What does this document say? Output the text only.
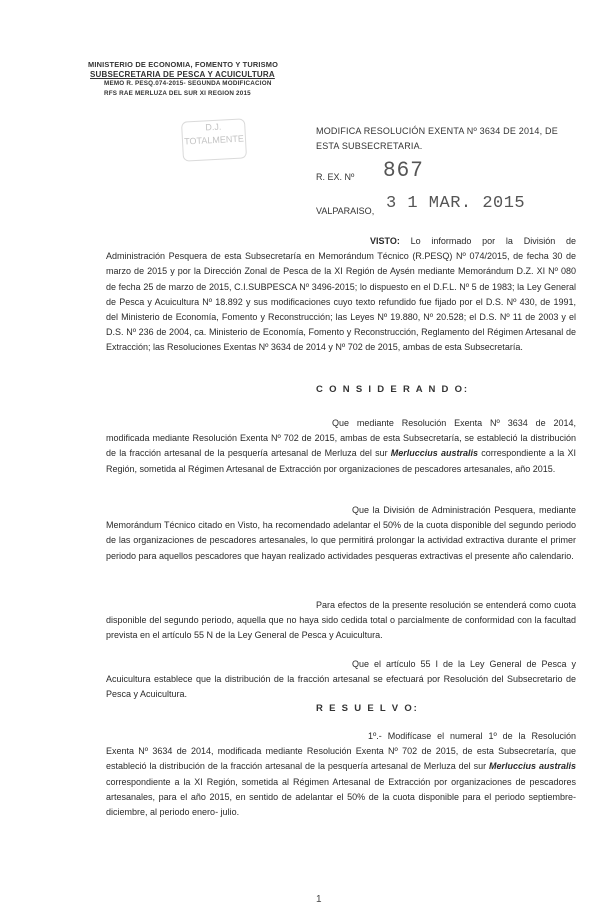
MINISTERIO DE ECONOMIA, FOMENTO Y TURISMO
SUBSECRETARIA DE PESCA Y ACUICULTURA
MEMO R. PESQ.074-2015- SEGUNDA MODIFICACION
RFS RAE MERLUZA DEL SUR XI REGION 2015
D.J.
TOTALMENTE
MODIFICA RESOLUCIÓN EXENTA Nº 3634 DE 2014, DE ESTA SUBSECRETARIA.
R. EX. Nº 867
VALPARAISO, 3 1 MAR. 2015

VISTO: Lo informado por la División de Administración Pesquera de esta Subsecretaría en Memorándum Técnico (R.PESQ) Nº 074/2015, de fecha 30 de marzo de 2015 y por la Dirección Zonal de Pesca de la XI Región de Aysén mediante Memorándum D.Z. XI Nº 080 de fecha 25 de marzo de 2015, C.I.SUBPESCA Nº 3496-2015; lo dispuesto en el D.F.L. Nº 5 de 1983; la Ley General de Pesca y Acuicultura Nº 18.892 y sus modificaciones cuyo texto refundido fue fijado por el D.S. Nº 430, de 1991, del Ministerio de Economía, Fomento y Reconstrucción; las Leyes Nº 19.880, Nº 20.528; el D.S. Nº 11 de 2003 y el D.S. Nº 236 de 2004, ca. Ministerio de Economía, Fomento y Reconstrucción, Reglamento del Régimen Artesanal de Extracción; las Resoluciones Exentas Nº 3634 de 2014 y Nº 702 de 2015, ambas de esta Subsecretaría.

C O N S I D E R A N D O:

Que mediante Resolución Exenta Nº 3634 de 2014, modificada mediante Resolución Exenta Nº 702 de 2015, ambas de esta Subsecretaría, se estableció la distribución de la fracción artesanal de la pesquería artesanal de Merluza del sur Merluccius australis correspondiente a la XI Región, sometida al Régimen Artesanal de Extracción por organizaciones de pescadores artesanales, año 2015.

Que la División de Administración Pesquera, mediante Memorándum Técnico citado en Visto, ha recomendado adelantar el 50% de la cuota disponible del segundo periodo de las organizaciones de pescadores artesanales, lo que permitirá prolongar la actividad extractiva durante el primer periodo para aquellos pescadores que hayan realizado actividades pesqueras extractivas el presente año calendario.

Para efectos de la presente resolución se entenderá como cuota disponible del segundo periodo, aquella que no haya sido cedida total o parcialmente de conformidad con la facultad prevista en el artículo 55 N de la Ley General de Pesca y Acuicultura.

Que el artículo 55 I de la Ley General de Pesca y Acuicultura establece que la distribución de la fracción artesanal se efectuará por Resolución del Subsecretario de Pesca y Acuicultura.

R E S U E L V O:

1º.- Modifícase el numeral 1º de la Resolución Exenta Nº 3634 de 2014, modificada mediante Resolución Exenta Nº 702 de 2015, de esta Subsecretaría, que estableció la distribución de la fracción artesanal de la pesquería artesanal de Merluza del sur Merluccius australis correspondiente a la XI Región, sometida al Régimen Artesanal de Extracción por organizaciones de pescadores artesanales, para el año 2015, en sentido de adelantar el 50% de la cuota disponible para el periodo septiembre- diciembre, al periodo enero- julio.

1
